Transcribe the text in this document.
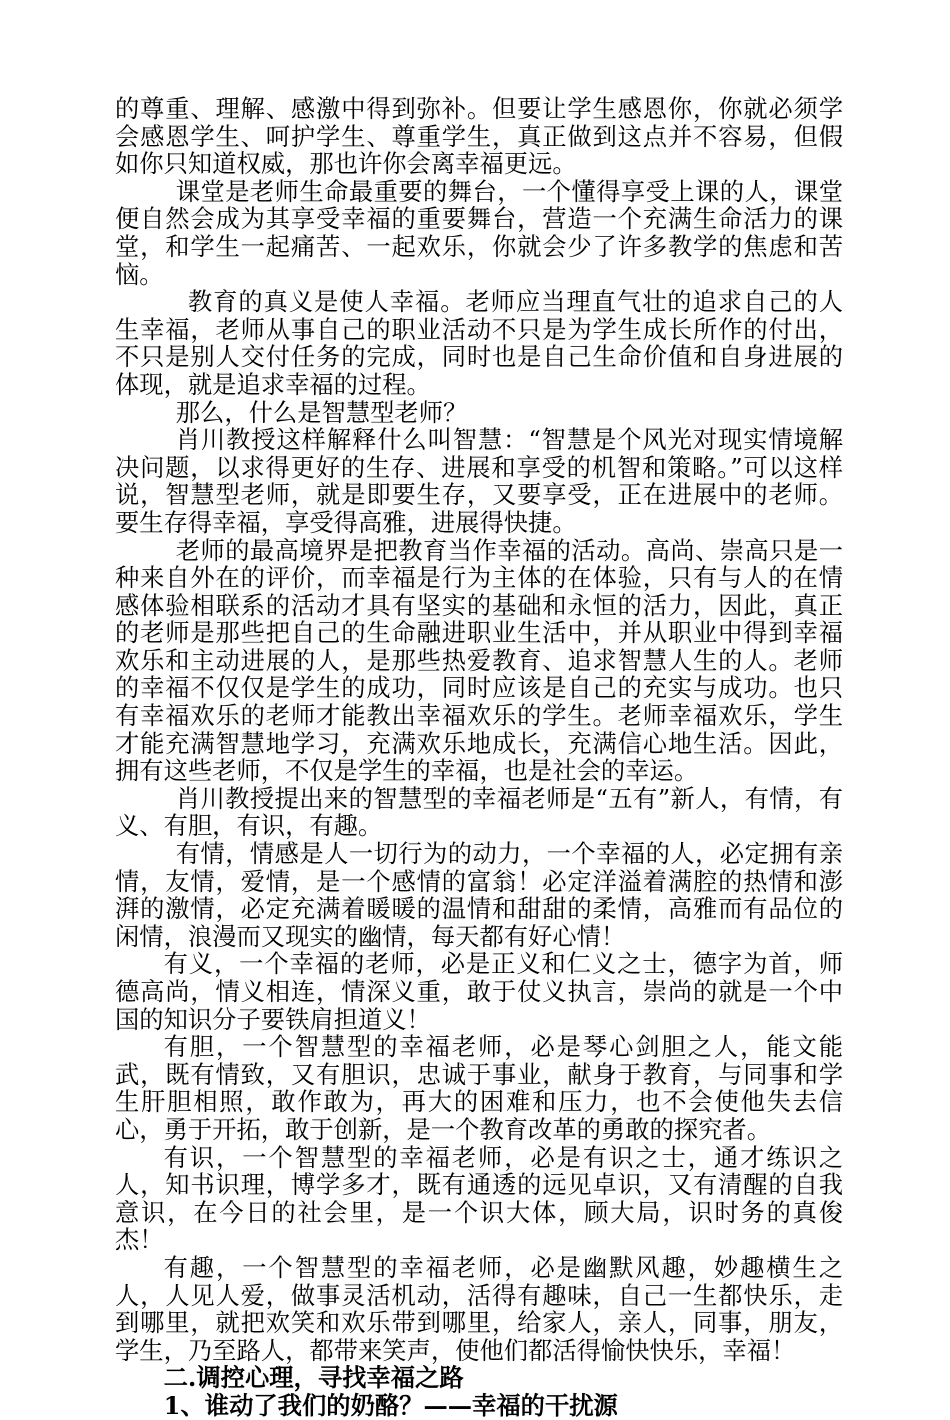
的尊重、理解、感激中得到弥补。但要让学生感恩你，你就必须学会感恩学生、呵护学生、尊重学生，真正做到这点并不容易，但假如你只知道权威，那也许你会离幸福更远。

课堂是老师生命最重要的舞台，一个懂得享受上课的人，课堂便自然会成为其享受幸福的重要舞台，营造一个充满生命活力的课堂，和学生一起痛苦、一起欢乐，你就会少了许多教学的焦虑和苦恼。

教育的真义是使人幸福。老师应当理直气壮的追求自己的人生幸福，老师从事自己的职业活动不只是为学生成长所作的付出，不只是别人交付任务的完成，同时也是自己生命价值和自身进展的体现，就是追求幸福的过程。

那么，什么是智慧型老师？

肖川教授这样解释什么叫智慧：“智慧是个风光对现实情境解决问题，以求得更好的生存、进展和享受的机智和策略。”可以这样说，智慧型老师，就是即要生存，又要享受，正在进展中的老师。要生存得幸福，享受得高雅，进展得快捷。

老师的最高境界是把教育当作幸福的活动。高尚、崇高只是一种来自外在的评价，而幸福是行为主体的在体验，只有与人的在情感体验相联系的活动才具有坚实的基础和永恒的活力，因此，真正的老师是那些把自己的生命融进职业生活中，并从职业中得到幸福欢乐和主动进展的人，是那些热爱教育、追求智慧人生的人。老师的幸福不仅仅是学生的成功，同时应该是自己的充实与成功。也只有幸福欢乐的老师才能教出幸福欢乐的学生。老师幸福欢乐，学生才能充满智慧地学习，充满欢乐地成长，充满信心地生活。因此，拥有这些老师，不仅是学生的幸福，也是社会的幸运。

肖川教授提出来的智慧型的幸福老师是“五有”新人，有情，有义、有胆，有识，有趣。

有情，情感是人一切行为的动力，一个幸福的人，必定拥有亲情，友情，爱情，是一个感情的富翁！必定洋溢着满腔的热情和澎湃的激情，必定充满着暖暖的温情和甜甜的柔情，高雅而有品位的闲情，浪漫而又现实的幽情，每天都有好心情！

有义，一个幸福的老师，必是正义和仁义之士，德字为首，师德高尚，情义相连，情深义重，敢于仗义执言，崇尚的就是一个中国的知识分子要铁肩担道义！

有胆，一个智慧型的幸福老师，必是琴心剑胆之人，能文能武，既有情致，又有胆识，忠诚于事业，献身于教育，与同事和学生肝胆相照，敢作敢为，再大的困难和压力，也不会使他失去信心，勇于开拓，敢于创新，是一个教育改革的勇敢的探究者。

有识，一个智慧型的幸福老师，必是有识之士，通才练识之人，知书识理，博学多才，既有通透的远见卓识，又有清醒的自我意识，在今日的社会里，是一个识大体，顾大局，识时务的真俊杰！

有趣，一个智慧型的幸福老师，必是幽默风趣，妙趣横生之人，人见人爱，做事灵活机动，活得有趣味，自己一生都快乐，走到哪里，就把欢笑和欢乐带到哪里，给家人，亲人，同事，朋友，学生，乃至路人，都带来笑声，使他们都活得愉快快乐，幸福！

二.调控心理，寻找幸福之路

1、谁动了我们的奶酪？——幸福的干扰源
